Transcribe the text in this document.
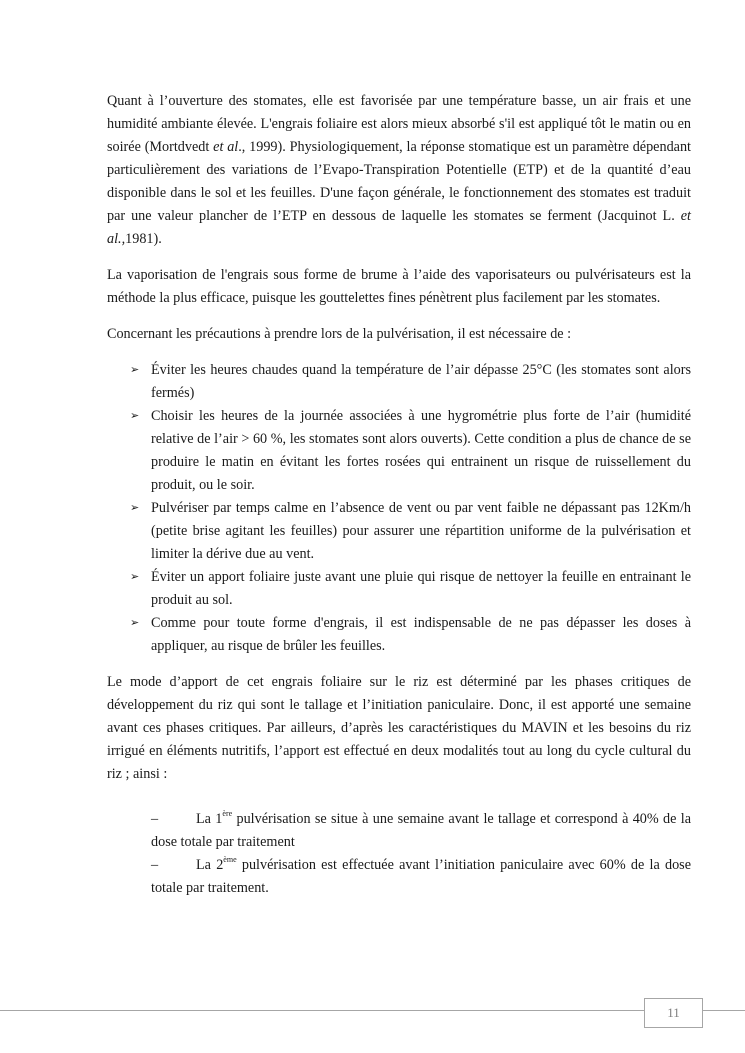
Quant à l’ouverture des stomates, elle est favorisée par une température basse, un air frais et une humidité ambiante élevée. L'engrais foliaire est alors mieux absorbé s'il est appliqué tôt le matin ou en soirée (Mortdvedt et al., 1999). Physiologiquement, la réponse stomatique est un paramètre dépendant particulièrement des variations de l’Evapo-Transpiration Potentielle (ETP) et de la quantité d’eau disponible dans le sol et les feuilles. D'une façon générale, le fonctionnement des stomates est traduit par une valeur plancher de l’ETP en dessous de laquelle les stomates se ferment (Jacquinot L. et al.,1981).

La vaporisation de l'engrais sous forme de brume à l’aide des vaporisateurs ou pulvérisateurs est la méthode la plus efficace, puisque les gouttelettes fines pénètrent plus facilement par les stomates.

Concernant les précautions à prendre lors de la pulvérisation, il est nécessaire de :

➢ Éviter les heures chaudes quand la température de l’air dépasse 25°C (les stomates sont alors fermés)
➢ Choisir les heures de la journée associées à une hygrométrie plus forte de l’air (humidité relative de l’air > 60 %, les stomates sont alors ouverts). Cette condition a plus de chance de se produire le matin en évitant les fortes rosées qui entrainent un risque de ruissellement du produit, ou le soir.
➢ Pulvériser par temps calme en l’absence de vent ou par vent faible ne dépassant pas 12Km/h (petite brise agitant les feuilles) pour assurer une répartition uniforme de la pulvérisation et limiter la dérive due au vent.
➢ Éviter un apport foliaire juste avant une pluie qui risque de nettoyer la feuille en entrainant le produit au sol.
➢ Comme pour toute forme d'engrais, il est indispensable de ne pas dépasser les doses à appliquer, au risque de brûler les feuilles.

Le mode d’apport de cet engrais foliaire sur le riz est déterminé par les phases critiques de développement du riz qui sont le tallage et l’initiation paniculaire. Donc, il est apporté une semaine avant ces phases critiques. Par ailleurs, d’après les caractéristiques du MAVIN et les besoins du riz irrigué en éléments nutritifs, l’apport est effectué en deux modalités tout au long du cycle cultural du riz ; ainsi :

–	La 1ère pulvérisation se situe à une semaine avant le tallage et correspond à 40% de la dose totale par traitement
–	La 2ème pulvérisation est effectuée avant l’initiation paniculaire avec 60% de la dose totale par traitement.
11
